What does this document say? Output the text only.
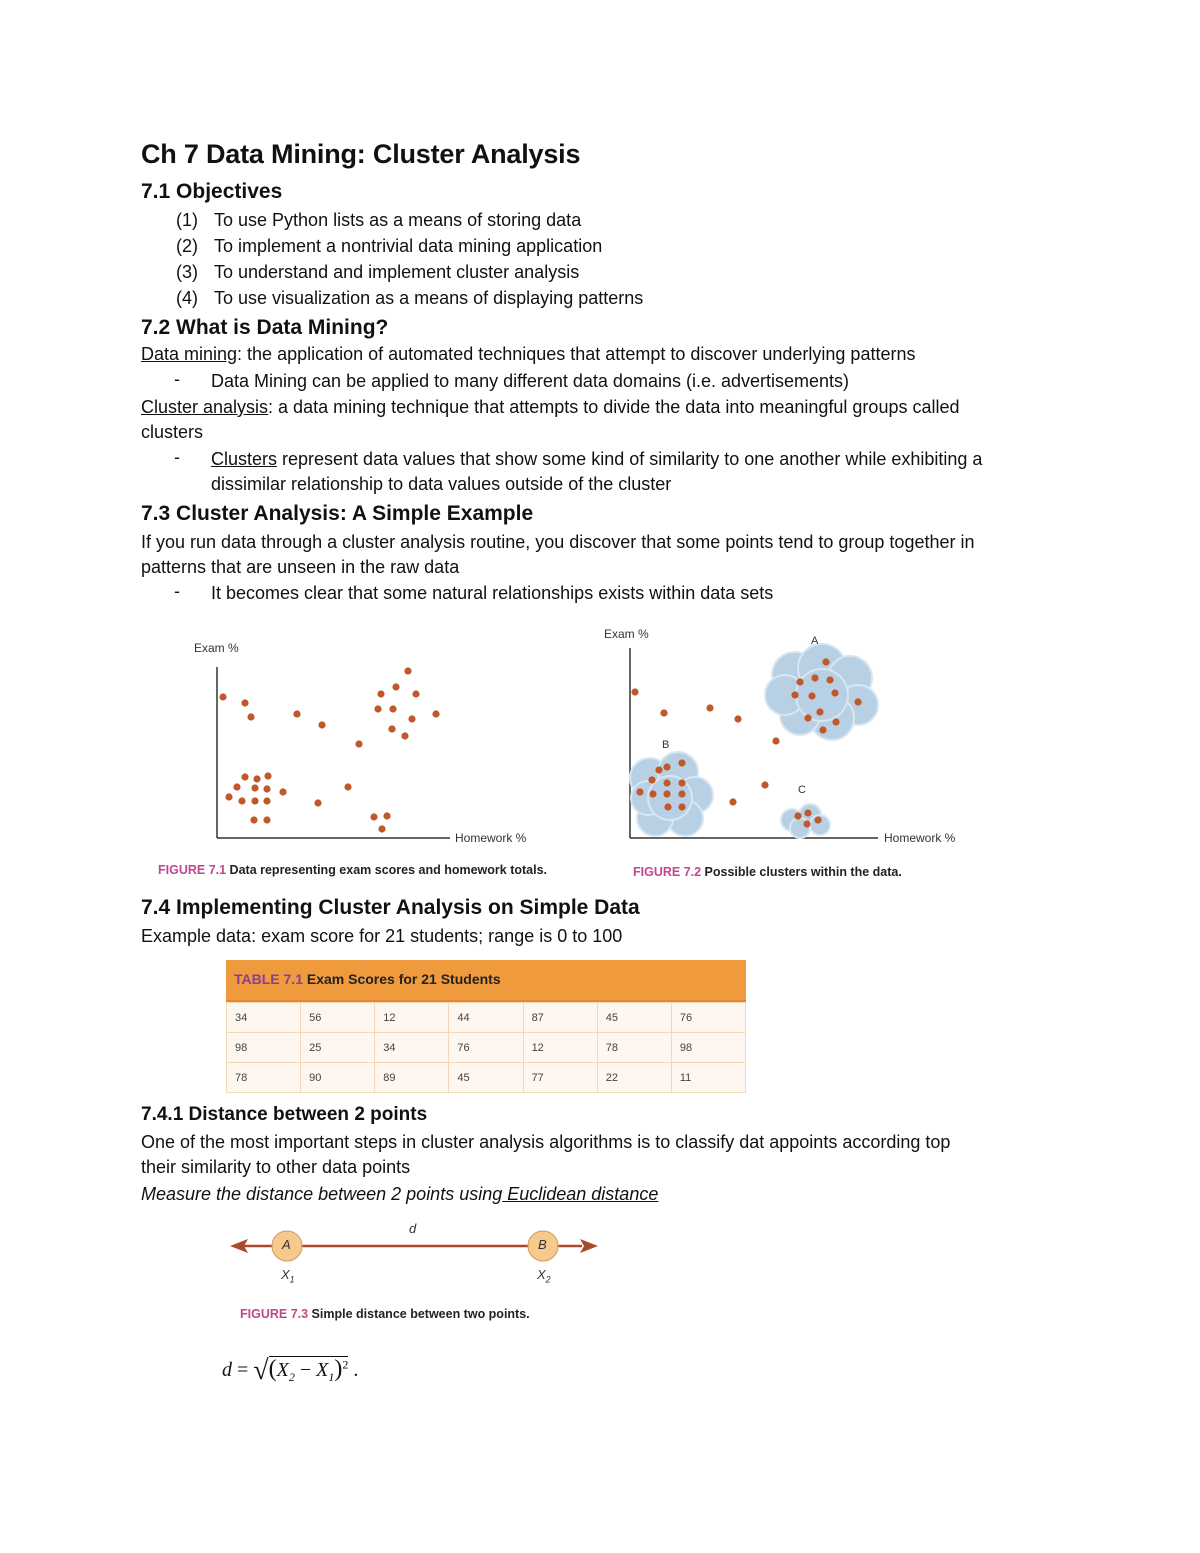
Ch 7 Data Mining: Cluster Analysis
7.1 Objectives
(1) To use Python lists as a means of storing data
(2) To implement a nontrivial data mining application
(3) To understand and implement cluster analysis
(4) To use visualization as a means of displaying patterns
7.2 What is Data Mining?
Data mining: the application of automated techniques that attempt to discover underlying patterns
- Data Mining can be applied to many different data domains (i.e. advertisements)
Cluster analysis: a data mining technique that attempts to divide the data into meaningful groups called
clusters
- Clusters represent data values that show some kind of similarity to one another while exhibiting a
dissimilar relationship to data values outside of the cluster
7.3 Cluster Analysis: A Simple Example
If you run data through a cluster analysis routine, you discover that some points tend to group together in
patterns that are unseen in the raw data
- It becomes clear that some natural relationships exists within data sets
Exam %
Homework %
FIGURE 7.1 Data representing exam scores and homework totals.
Exam %
Homework %
A
B
C
FIGURE 7.2 Possible clusters within the data.
7.4 Implementing Cluster Analysis on Simple Data
Example data: exam score for 21 students; range is 0 to 100
TABLE 7.1 Exam Scores for 21 Students
34	56	12	44	87	45	76
98	25	34	76	12	78	98
78	90	89	45	77	22	11
7.4.1 Distance between 2 points
One of the most important steps in cluster analysis algorithms is to classify dat appoints according top
their similarity to other data points
Measure the distance between 2 points using Euclidean distance
A	B
d
$X_1$	$X_2$
FIGURE 7.3 Simple distance between two points.
$d = √(X_2 - X_1)^2$ .
